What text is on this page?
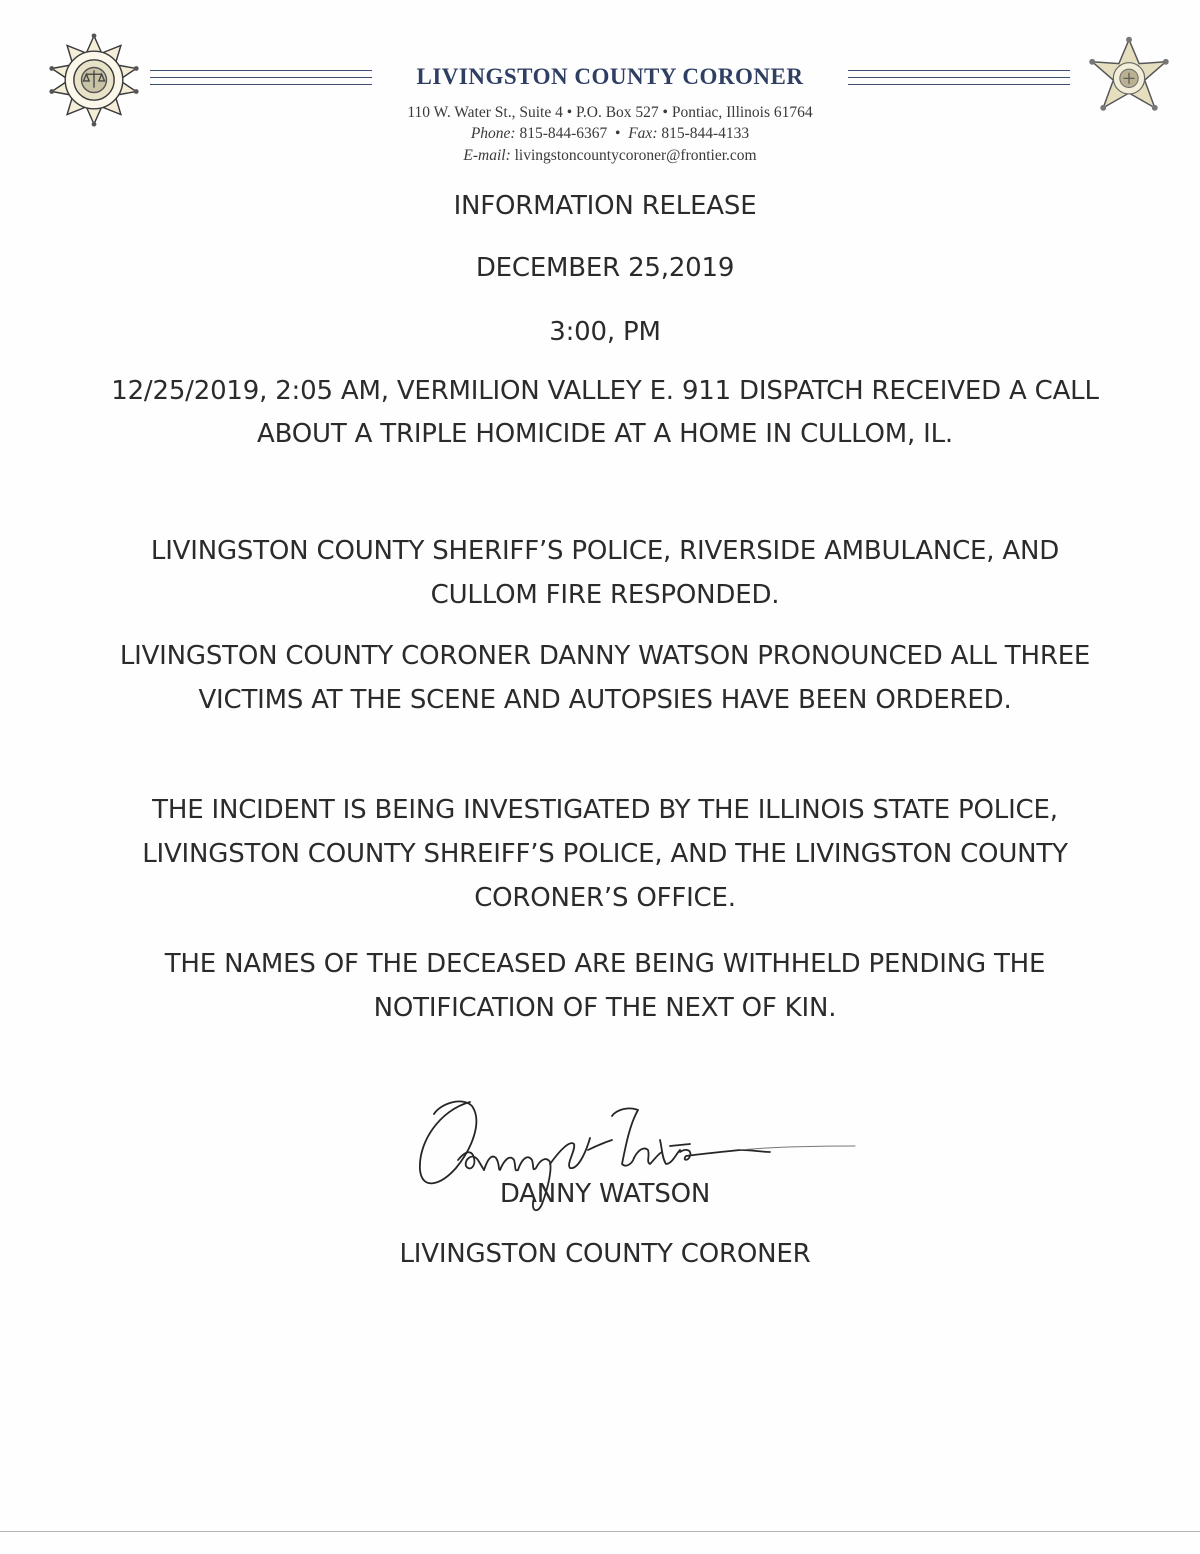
LIVINGSTON COUNTY CORONER
110 W. Water St., Suite 4 • P.O. Box 527 • Pontiac, Illinois 61764
Phone: 815-844-6367 • Fax: 815-844-4133
E-mail: livingstoncountycoroner@frontier.com
INFORMATION RELEASE
DECEMBER 25,2019
3:00, PM
12/25/2019, 2:05 AM, VERMILION VALLEY E. 911 DISPATCH RECEIVED A CALL ABOUT A TRIPLE HOMICIDE AT A HOME IN CULLOM, IL.
LIVINGSTON COUNTY SHERIFF’S POLICE, RIVERSIDE AMBULANCE, AND CULLOM FIRE RESPONDED.
LIVINGSTON COUNTY CORONER DANNY WATSON PRONOUNCED ALL THREE VICTIMS AT THE SCENE AND AUTOPSIES HAVE BEEN ORDERED.
THE INCIDENT IS BEING INVESTIGATED BY THE ILLINOIS STATE POLICE, LIVINGSTON COUNTY SHREIFF’S POLICE, AND THE LIVINGSTON COUNTY CORONER’S OFFICE.
THE NAMES OF THE DECEASED ARE BEING WITHHELD PENDING THE NOTIFICATION OF THE NEXT OF KIN.
DANNY WATSON
LIVINGSTON COUNTY CORONER
